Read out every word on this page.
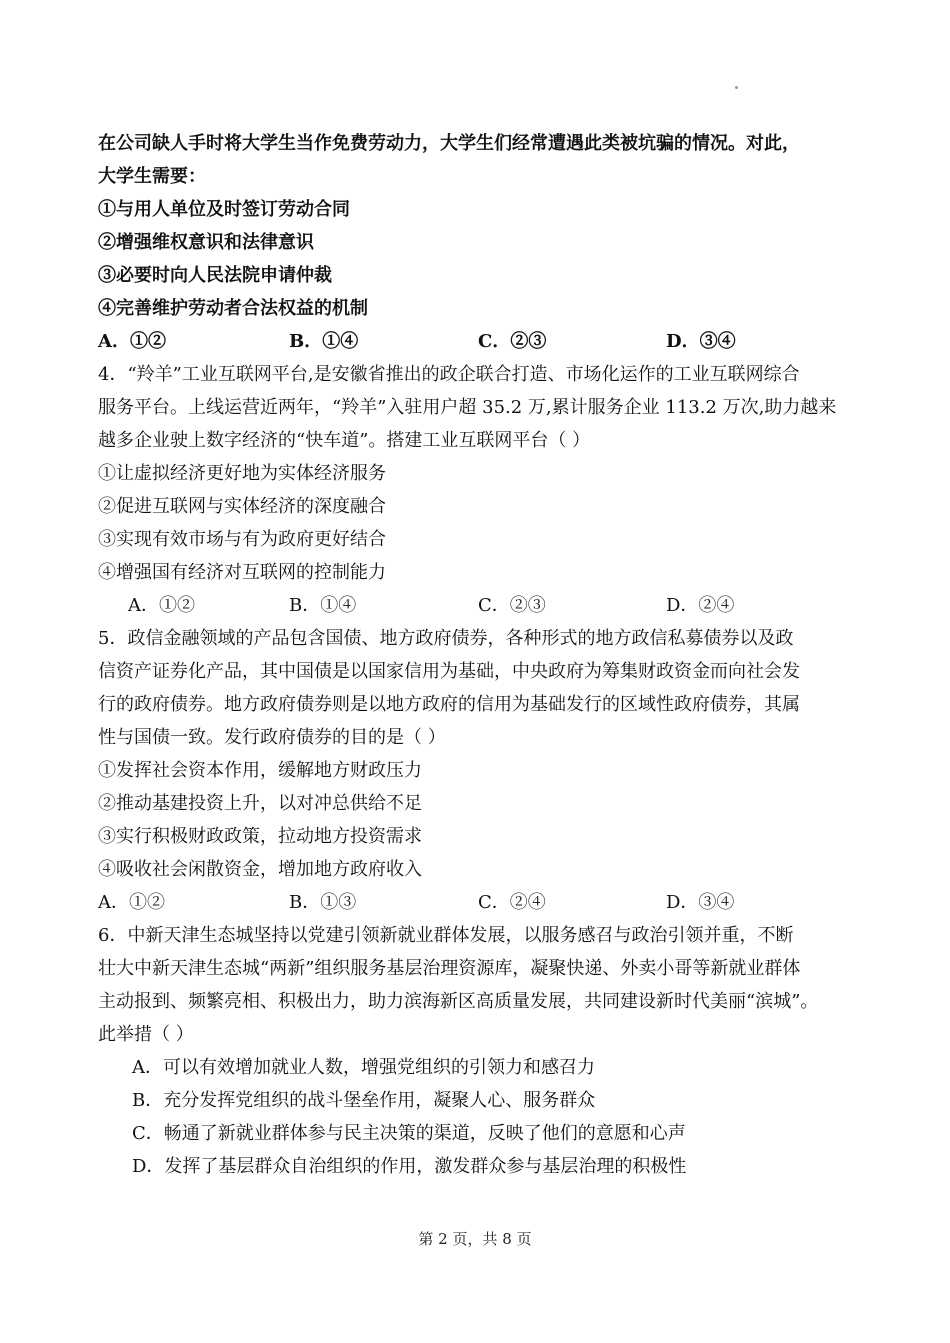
在公司缺人手时将大学生当作免费劳动力，大学生们经常遭遇此类被坑骗的情况。对此，
大学生需要：
①与用人单位及时签订劳动合同
②增强维权意识和法律意识
③必要时向人民法院申请仲裁
④完善维护劳动者合法权益的机制
A．①②	B．①④	C．②③	D．③④
4．“羚羊”工业互联网平台,是安徽省推出的政企联合打造、市场化运作的工业互联网综合
服务平台。上线运营近两年，“羚羊”入驻用户超 35.2 万,累计服务企业 113.2 万次,助力越来
越多企业驶上数字经济的“快车道”。搭建工业互联网平台（ ）
①让虚拟经济更好地为实体经济服务
②促进互联网与实体经济的深度融合
③实现有效市场与有为政府更好结合
④增强国有经济对互联网的控制能力
A．①②	B．①④	C．②③	D．②④
5．政信金融领域的产品包含国债、地方政府债券，各种形式的地方政信私募债券以及政
信资产证券化产品，其中国债是以国家信用为基础，中央政府为筹集财政资金而向社会发
行的政府债券。地方政府债券则是以地方政府的信用为基础发行的区域性政府债券，其属
性与国债一致。发行政府债券的目的是（ ）
①发挥社会资本作用，缓解地方财政压力
②推动基建投资上升，以对冲总供给不足
③实行积极财政政策，拉动地方投资需求
④吸收社会闲散资金，增加地方政府收入
A．①②	B．①③	C．②④	D．③④
6．中新天津生态城坚持以党建引领新就业群体发展，以服务感召与政治引领并重，不断
壮大中新天津生态城“两新”组织服务基层治理资源库，凝聚快递、外卖小哥等新就业群体
主动报到、频繁亮相、积极出力，助力滨海新区高质量发展，共同建设新时代美丽“滨城”。
此举措（ ）
A．可以有效增加就业人数，增强党组织的引领力和感召力
B．充分发挥党组织的战斗堡垒作用，凝聚人心、服务群众
C．畅通了新就业群体参与民主决策的渠道，反映了他们的意愿和心声
D．发挥了基层群众自治组织的作用，激发群众参与基层治理的积极性
第 2 页，共 8 页
